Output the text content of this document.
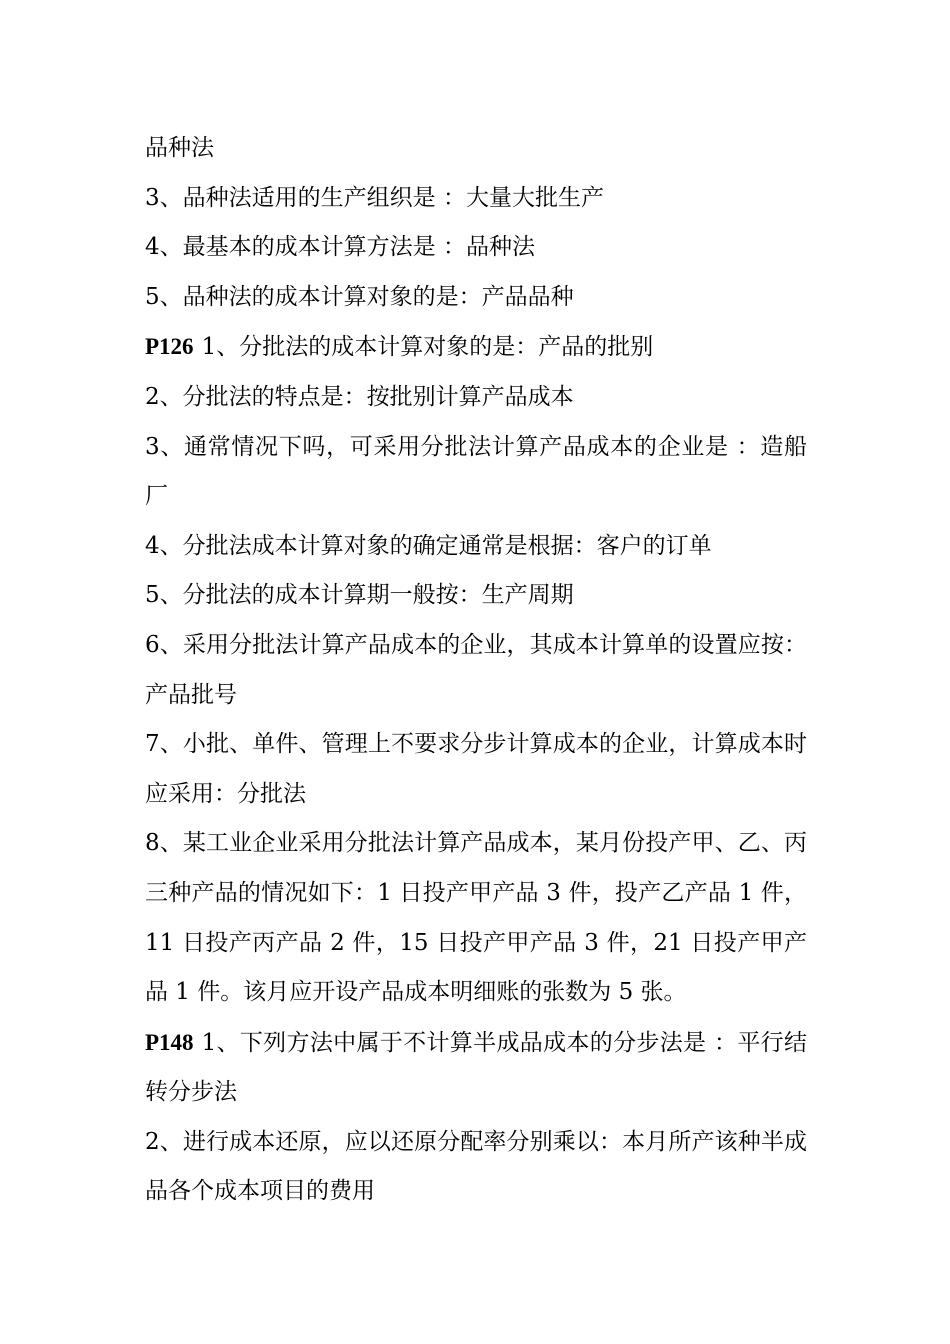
品种法

3、品种法适用的生产组织是 ：大量大批生产

4、最基本的成本计算方法是 ：品种法

5、品种法的成本计算对象的是：产品品种

P126 1、分批法的成本计算对象的是：产品的批别

2、分批法的特点是：按批别计算产品成本

3、通常情况下吗，可采用分批法计算产品成本的企业是 ：造船厂

4、分批法成本计算对象的确定通常是根据：客户的订单

5、分批法的成本计算期一般按：生产周期

6、采用分批法计算产品成本的企业，其成本计算单的设置应按：产品批号

7、小批、单件、管理上不要求分步计算成本的企业，计算成本时应采用：分批法

8、某工业企业采用分批法计算产品成本，某月份投产甲、乙、丙三种产品的情况如下：1 日投产甲产品 3 件，投产乙产品 1 件，11 日投产丙产品 2 件，15 日投产甲产品 3 件，21 日投产甲产品 1 件。该月应开设产品成本明细账的张数为 5 张。

P148 1、下列方法中属于不计算半成品成本的分步法是 ：平行结转分步法

2、进行成本还原，应以还原分配率分别乘以：本月所产该种半成品各个成本项目的费用
